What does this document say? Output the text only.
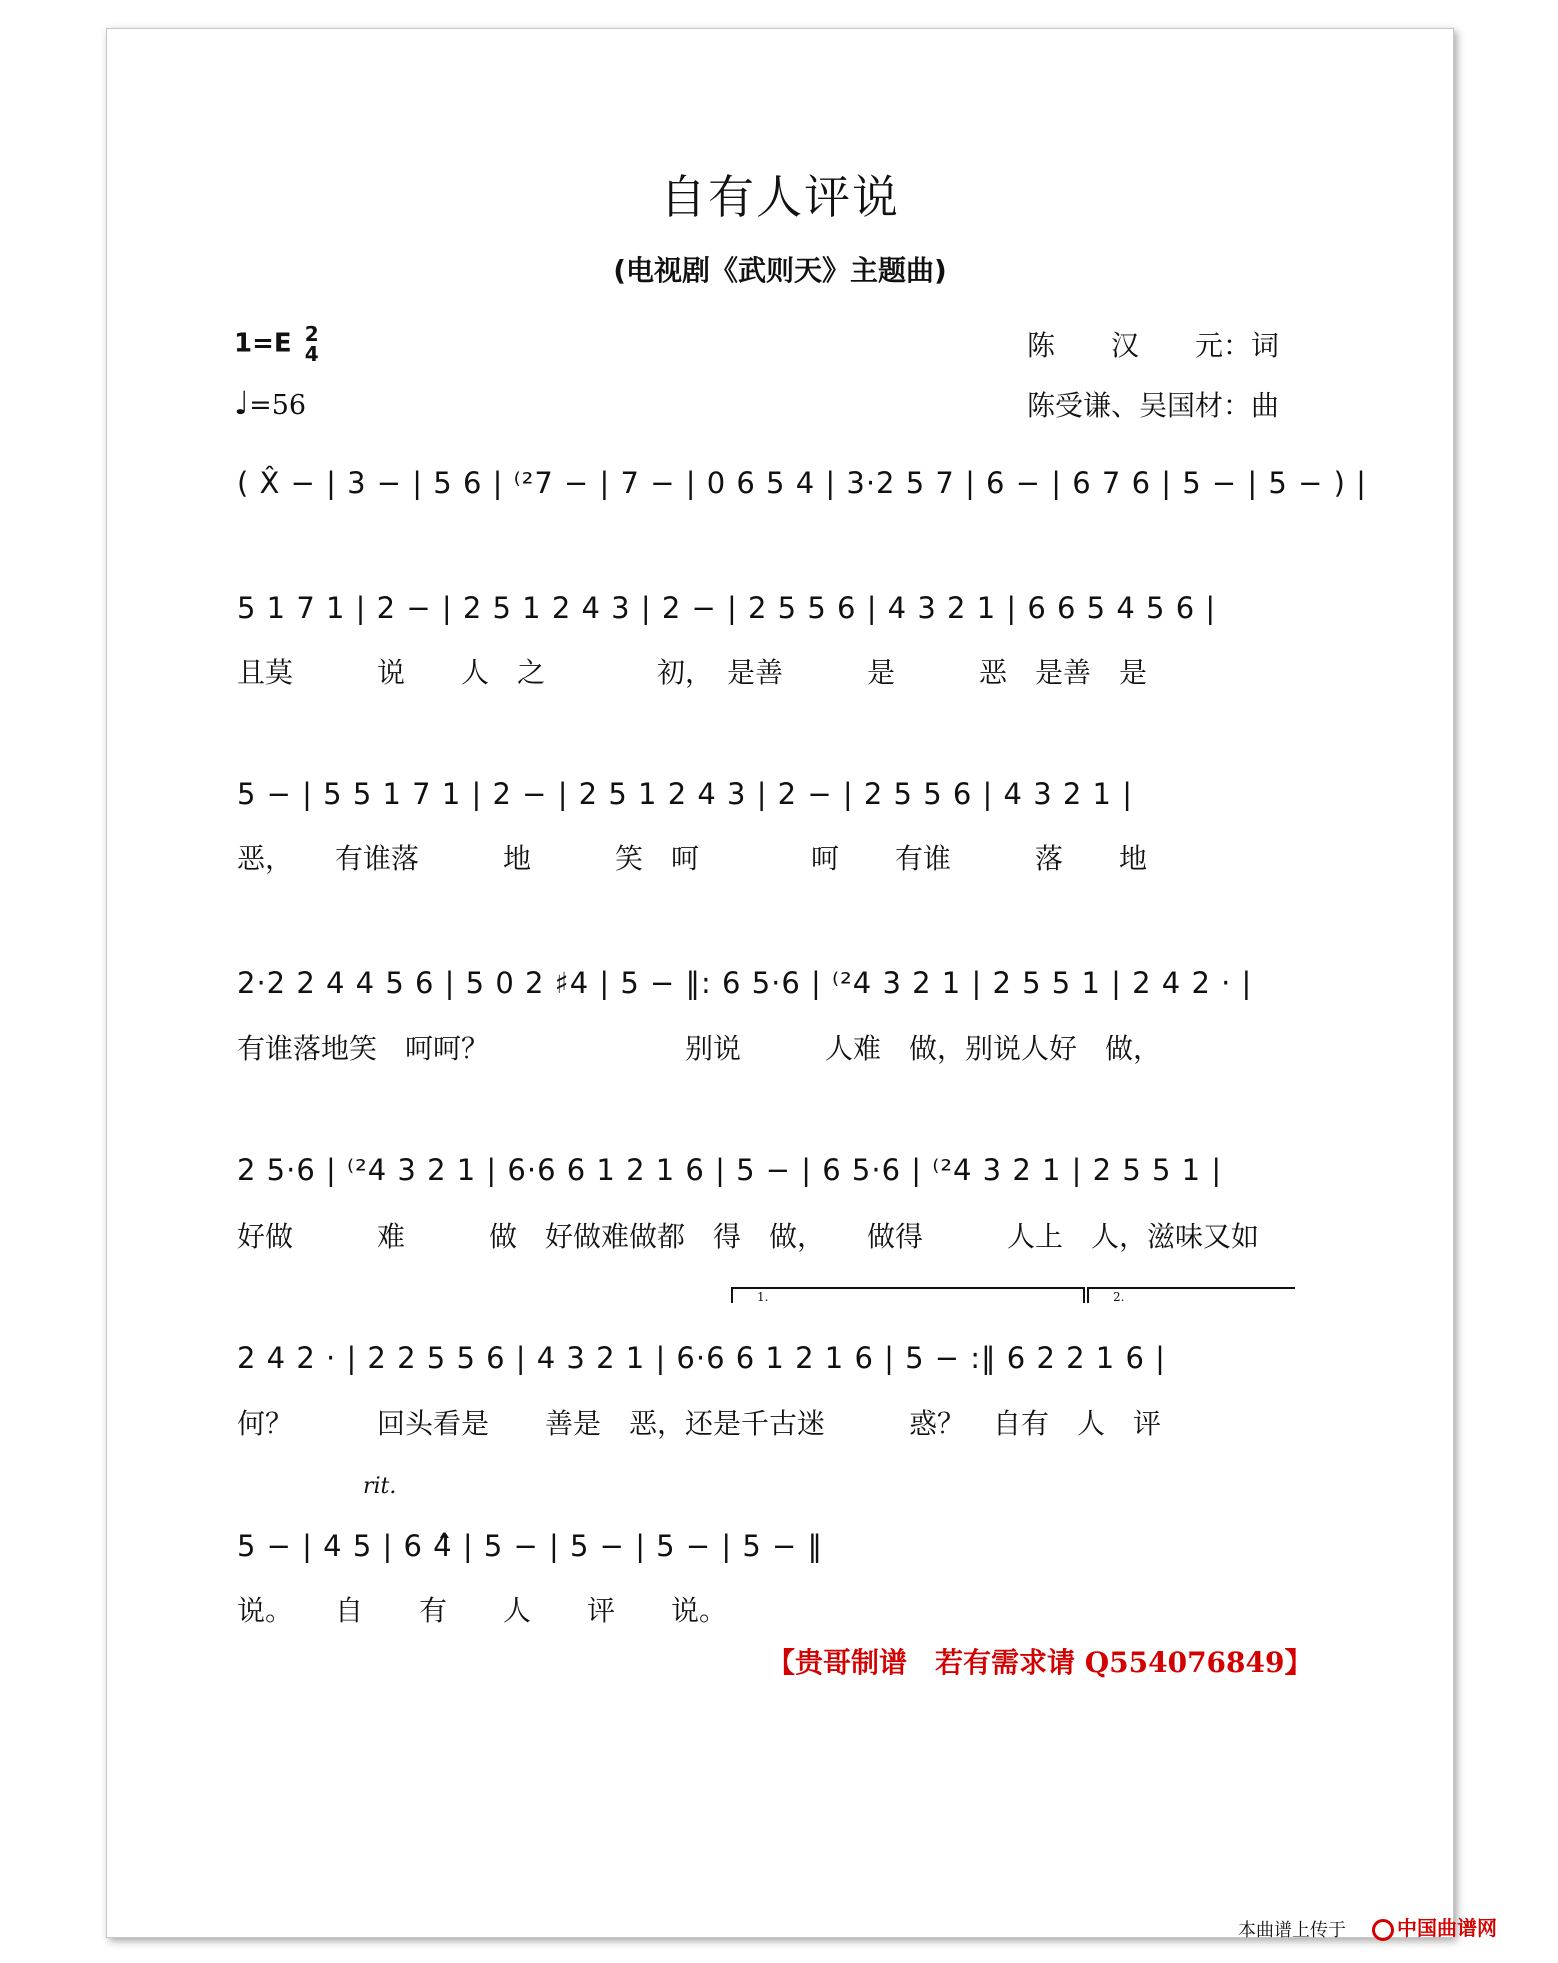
自有人评说
(电视剧《武则天》主题曲)
1=E 2
4
♩=56
陈　　汉　　元：词
陈受谦、吴国材：曲
( X̂ − | 3 − | 5 6 | ⁽²7 − | 7 − | 0 6 5 4 | 3·2 5 7 | 6 − | 6 7 6 | 5 − | 5 − ) |
5 1 7 1 | 2 − | 2 5 1 2 4 3 | 2 − | 2 5 5 6 | 4 3 2 1 | 6 6 5 4 5 6 |
且莫　　　说　　人　之　　　　初，　是善　　　是　　　恶　是善　是
5 − | 5 5 1 7 1 | 2 − | 2 5 1 2 4 3 | 2 − | 2 5 5 6 | 4 3 2 1 |
恶，　　有谁落　　　地　　　笑　呵　　　　呵　　有谁　　　落　　地
2·2 2 4 4 5 6 | 5 0 2 ♯4 | 5 − ‖: 6 5·6 | ⁽²4 3 2 1 | 2 5 5 1 | 2 4 2 · |
有谁落地笑　呵呵？　　　　　　　别说　　　人难　做，别说人好　做，
2 5·6 | ⁽²4 3 2 1 | 6·6 6 1 2 1 6 | 5 − | 6 5·6 | ⁽²4 3 2 1 | 2 5 5 1 |
好做　　　难　　　做　好做难做都　得　做，　　做得　　　人上　人，滋味又如
1.	2.
2 4 2 · | 2 2 5 5 6 | 4 3 2 1 | 6·6 6 1 2 1 6 | 5 − :‖ 6 2 2 1 6 |
何？　　　回头看是　　善是　恶，还是千古迷　　　惑？　自有　人　评
rit.
5 − | 4 5 | 6 4̂ | 5 − | 5 − | 5 − | 5 − ‖
说。　　自　　有　　人　　评　　说。
【贵哥制谱　若有需求请 Q554076849】
本曲谱上传于	中国曲谱网
